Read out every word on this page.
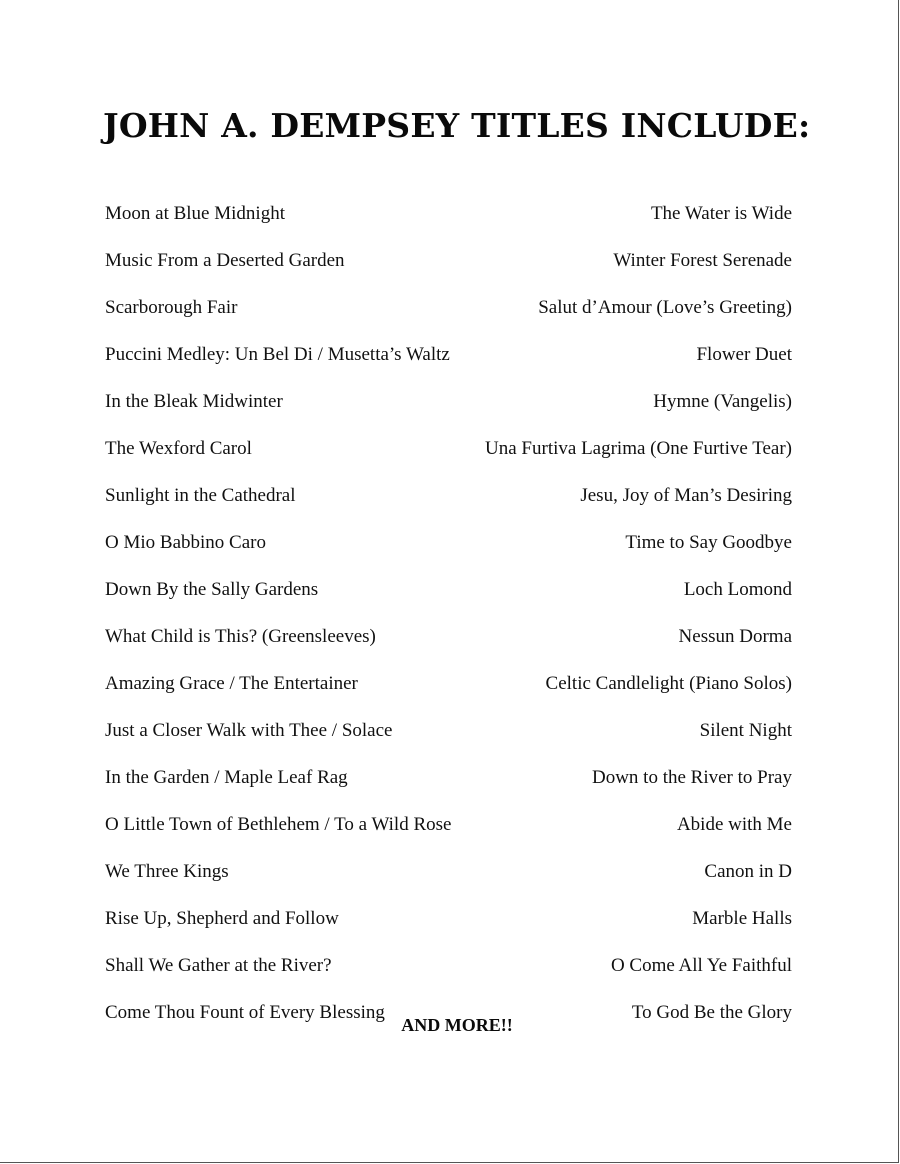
JOHN A. DEMPSEY TITLES INCLUDE:
Moon at Blue Midnight	The Water is Wide
Music From a Deserted Garden	Winter Forest Serenade
Scarborough Fair	Salut d’Amour (Love’s Greeting)
Puccini Medley: Un Bel Di / Musetta’s Waltz	Flower Duet
In the Bleak Midwinter	Hymne (Vangelis)
The Wexford Carol	Una Furtiva Lagrima (One Furtive Tear)
Sunlight in the Cathedral	Jesu, Joy of Man’s Desiring
O Mio Babbino Caro	Time to Say Goodbye
Down By the Sally Gardens	Loch Lomond
What Child is This? (Greensleeves)	Nessun Dorma
Amazing Grace / The Entertainer	Celtic Candlelight (Piano Solos)
Just a Closer Walk with Thee / Solace	Silent Night
In the Garden / Maple Leaf Rag	Down to the River to Pray
O Little Town of Bethlehem / To a Wild Rose	Abide with Me
We Three Kings	Canon in D
Rise Up, Shepherd and Follow	Marble Halls
Shall We Gather at the River?	O Come All Ye Faithful
Come Thou Fount of Every Blessing	To God Be the Glory
AND MORE!!
